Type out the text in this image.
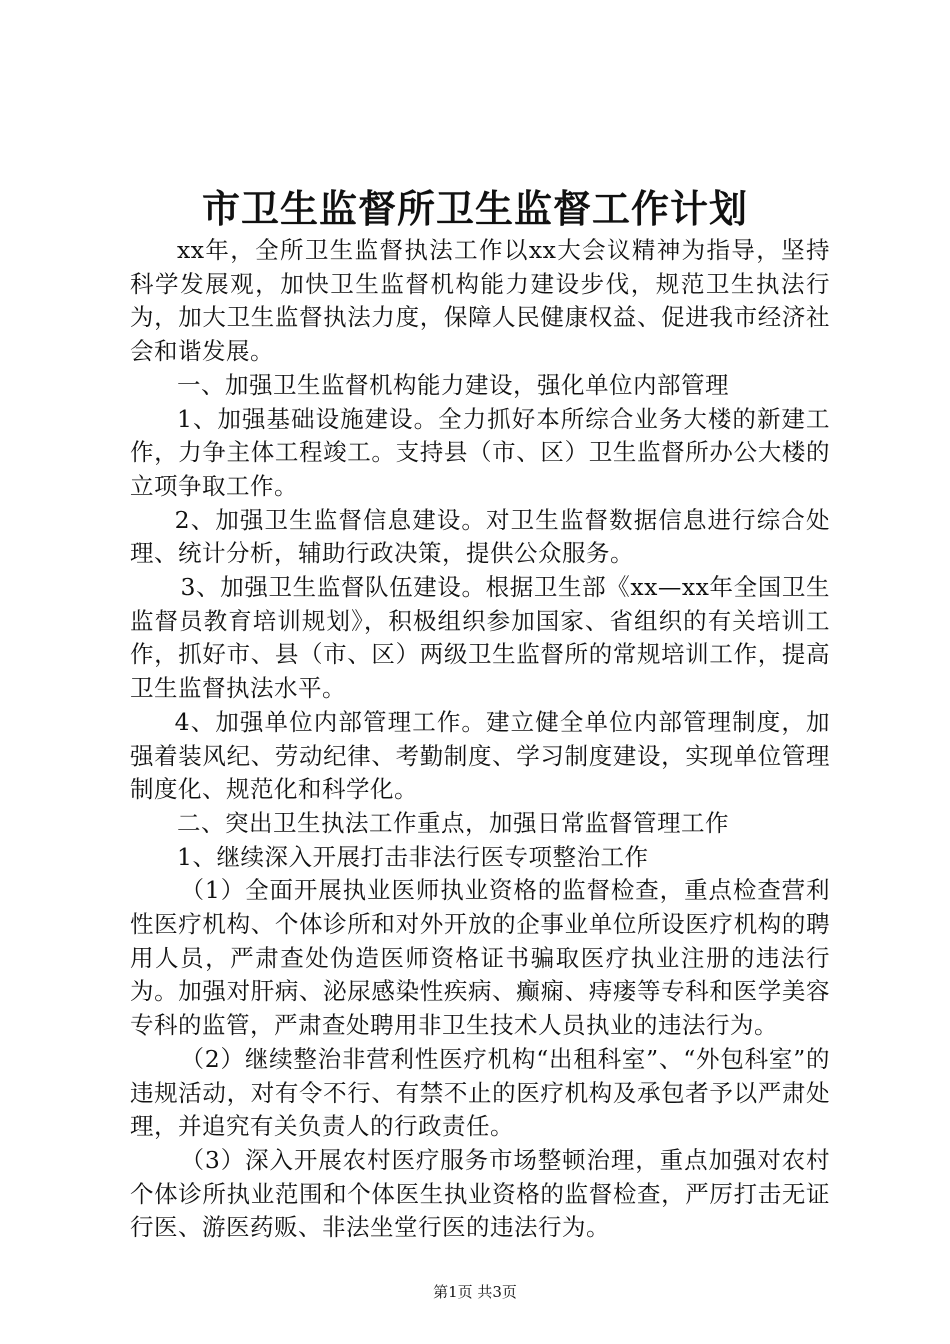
市卫生监督所卫生监督工作计划

xx年，全所卫生监督执法工作以xx大会议精神为指导，坚持科学发展观，加快卫生监督机构能力建设步伐，规范卫生执法行为，加大卫生监督执法力度，保障人民健康权益、促进我市经济社会和谐发展。

一、加强卫生监督机构能力建设，强化单位内部管理

1、加强基础设施建设。全力抓好本所综合业务大楼的新建工作，力争主体工程竣工。支持县（市、区）卫生监督所办公大楼的立项争取工作。

2、加强卫生监督信息建设。对卫生监督数据信息进行综合处理、统计分析，辅助行政决策，提供公众服务。

3、加强卫生监督队伍建设。根据卫生部《xx—xx年全国卫生监督员教育培训规划》，积极组织参加国家、省组织的有关培训工作，抓好市、县（市、区）两级卫生监督所的常规培训工作，提高卫生监督执法水平。

4、加强单位内部管理工作。建立健全单位内部管理制度，加强着装风纪、劳动纪律、考勤制度、学习制度建设，实现单位管理制度化、规范化和科学化。

二、突出卫生执法工作重点，加强日常监督管理工作

1、继续深入开展打击非法行医专项整治工作

（1）全面开展执业医师执业资格的监督检查，重点检查营利性医疗机构、个体诊所和对外开放的企事业单位所设医疗机构的聘用人员，严肃查处伪造医师资格证书骗取医疗执业注册的违法行为。加强对肝病、泌尿感染性疾病、癫痫、痔瘘等专科和医学美容专科的监管，严肃查处聘用非卫生技术人员执业的违法行为。

（2）继续整治非营利性医疗机构“出租科室”、“外包科室”的违规活动，对有令不行、有禁不止的医疗机构及承包者予以严肃处理，并追究有关负责人的行政责任。

（3）深入开展农村医疗服务市场整顿治理，重点加强对农村个体诊所执业范围和个体医生执业资格的监督检查，严厉打击无证行医、游医药贩、非法坐堂行医的违法行为。

第1页 共3页
